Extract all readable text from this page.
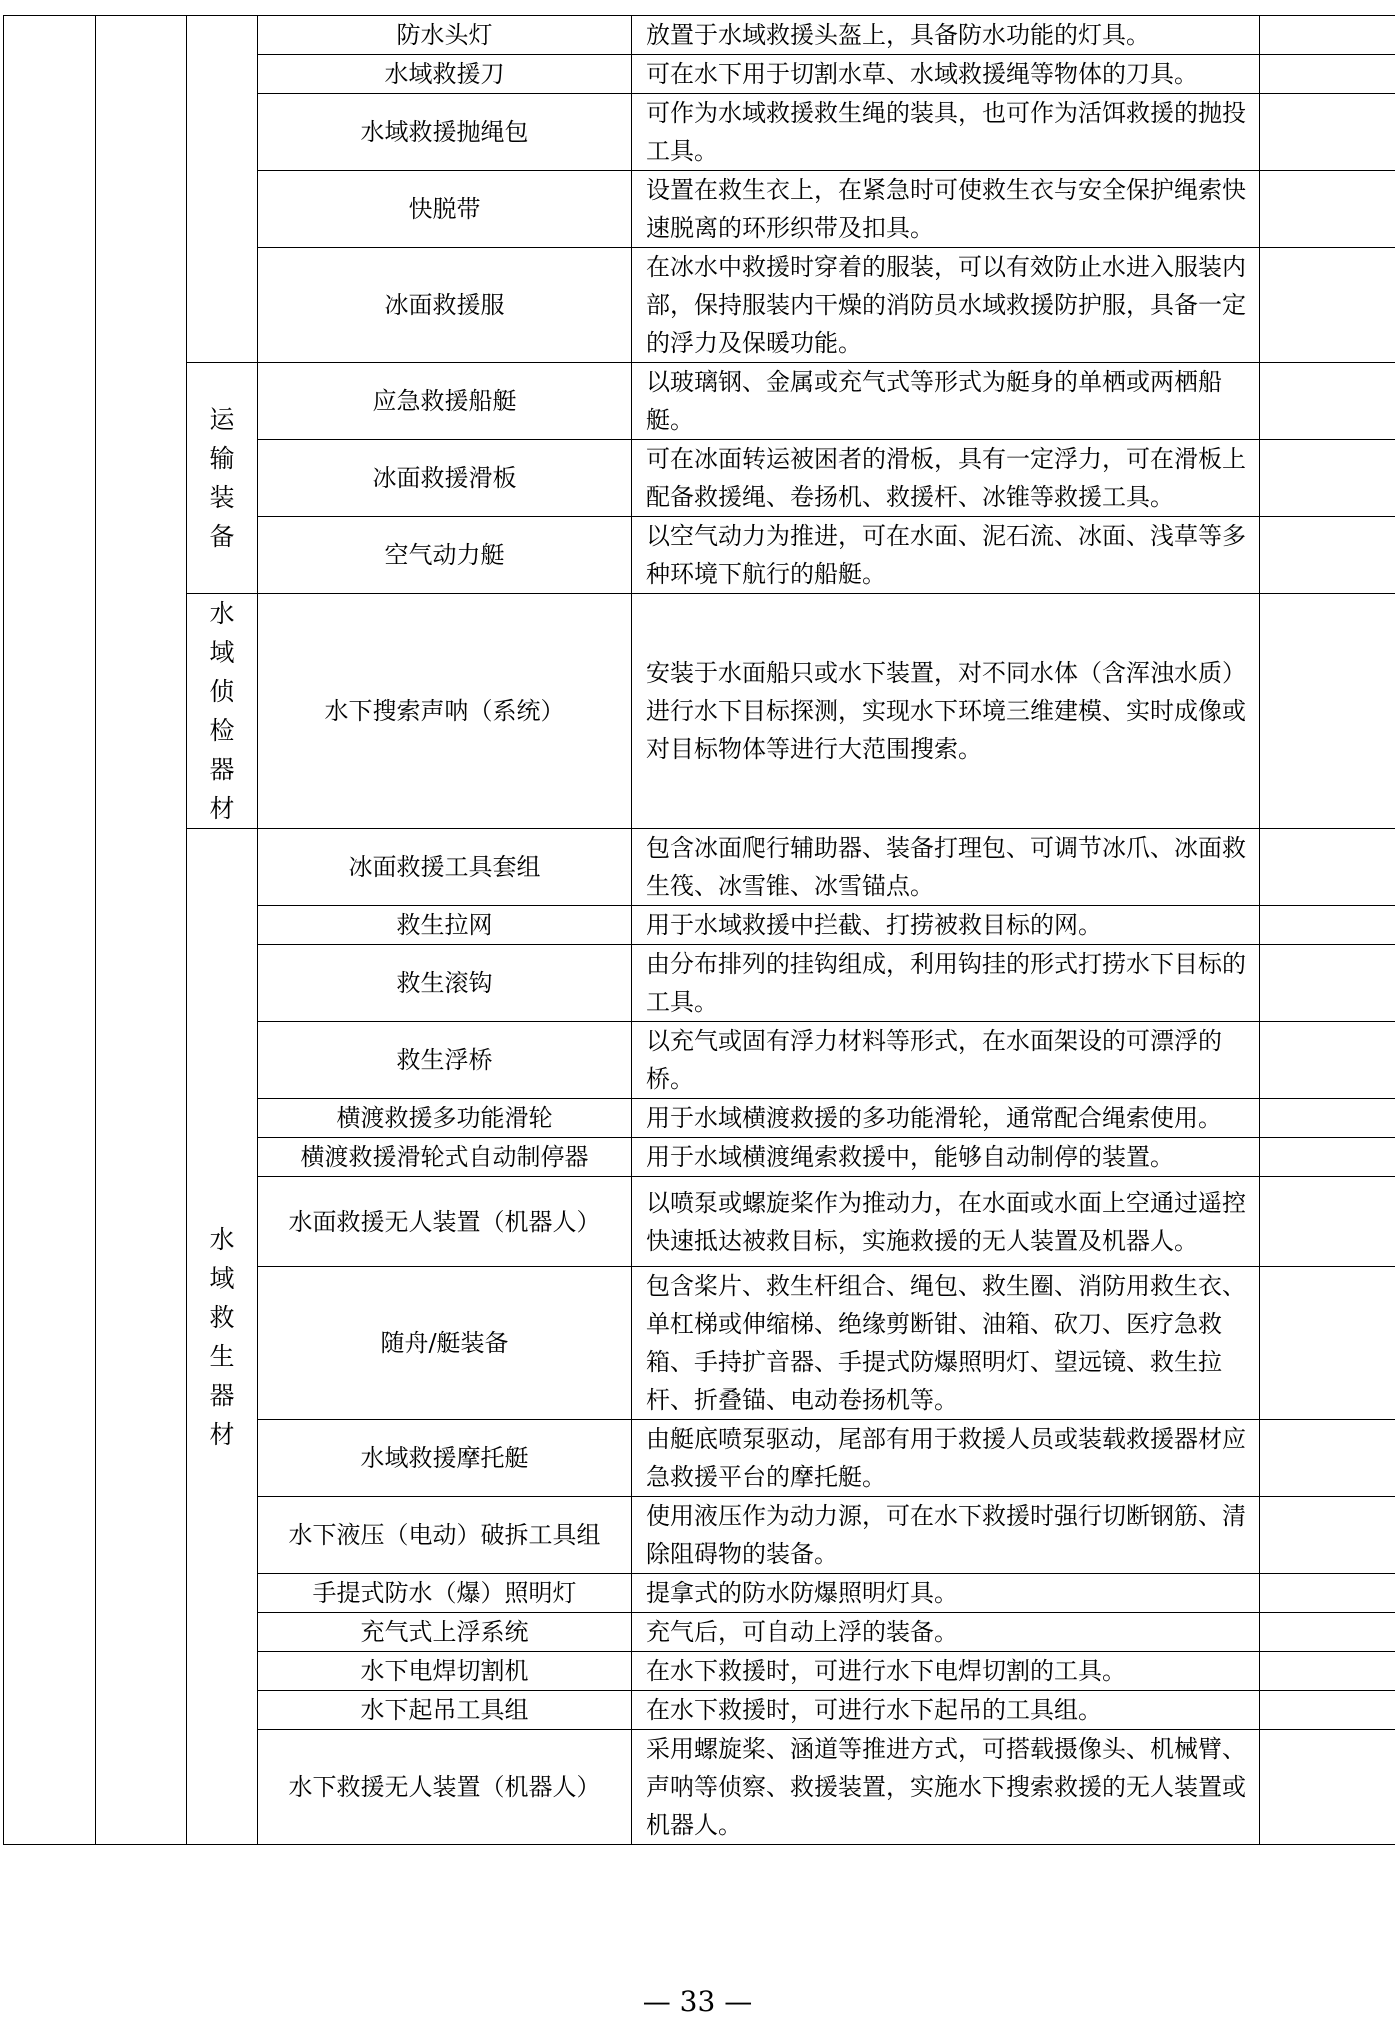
			防水头灯	放置于水域救援头盔上，具备防水功能的灯具。	
			水域救援刀	可在水下用于切割水草、水域救援绳等物体的刀具。	
			水域救援抛绳包	可作为水域救援救生绳的装具，也可作为活饵救援的抛投工具。	
			快脱带	设置在救生衣上，在紧急时可使救生衣与安全保护绳索快速脱离的环形织带及扣具。	
			冰面救援服	在冰水中救援时穿着的服装，可以有效防止水进入服装内部，保持服装内干燥的消防员水域救援防护服，具备一定的浮力及保暖功能。	
		运输装备	应急救援船艇	以玻璃钢、金属或充气式等形式为艇身的单栖或两栖船艇。	
			冰面救援滑板	可在冰面转运被困者的滑板，具有一定浮力，可在滑板上配备救援绳、卷扬机、救援杆、冰锥等救援工具。	
			空气动力艇	以空气动力为推进，可在水面、泥石流、冰面、浅草等多种环境下航行的船艇。	
		水域侦检器材	水下搜索声呐（系统）	安装于水面船只或水下装置，对不同水体（含浑浊水质）进行水下目标探测，实现水下环境三维建模、实时成像或对目标物体等进行大范围搜索。	
		水域救生器材	冰面救援工具套组	包含冰面爬行辅助器、装备打理包、可调节冰爪、冰面救生筏、冰雪锥、冰雪锚点。	
			救生拉网	用于水域救援中拦截、打捞被救目标的网。	
			救生滚钩	由分布排列的挂钩组成，利用钩挂的形式打捞水下目标的工具。	
			救生浮桥	以充气或固有浮力材料等形式，在水面架设的可漂浮的桥。	
			横渡救援多功能滑轮	用于水域横渡救援的多功能滑轮，通常配合绳索使用。	
			横渡救援滑轮式自动制停器	用于水域横渡绳索救援中，能够自动制停的装置。	
			水面救援无人装置（机器人）	以喷泵或螺旋桨作为推动力，在水面或水面上空通过遥控快速抵达被救目标，实施救援的无人装置及机器人。	
			随舟/艇装备	包含桨片、救生杆组合、绳包、救生圈、消防用救生衣、单杠梯或伸缩梯、绝缘剪断钳、油箱、砍刀、医疗急救箱、手持扩音器、手提式防爆照明灯、望远镜、救生拉杆、折叠锚、电动卷扬机等。	
			水域救援摩托艇	由艇底喷泵驱动，尾部有用于救援人员或装载救援器材应急救援平台的摩托艇。	
			水下液压（电动）破拆工具组	使用液压作为动力源，可在水下救援时强行切断钢筋、清除阻碍物的装备。	
			手提式防水（爆）照明灯	提拿式的防水防爆照明灯具。	
			充气式上浮系统	充气后，可自动上浮的装备。	
			水下电焊切割机	在水下救援时，可进行水下电焊切割的工具。	
			水下起吊工具组	在水下救援时，可进行水下起吊的工具组。	
			水下救援无人装置（机器人）	采用螺旋桨、涵道等推进方式，可搭载摄像头、机械臂、声呐等侦察、救援装置，实施水下搜索救援的无人装置或机器人。	
— 33 —
